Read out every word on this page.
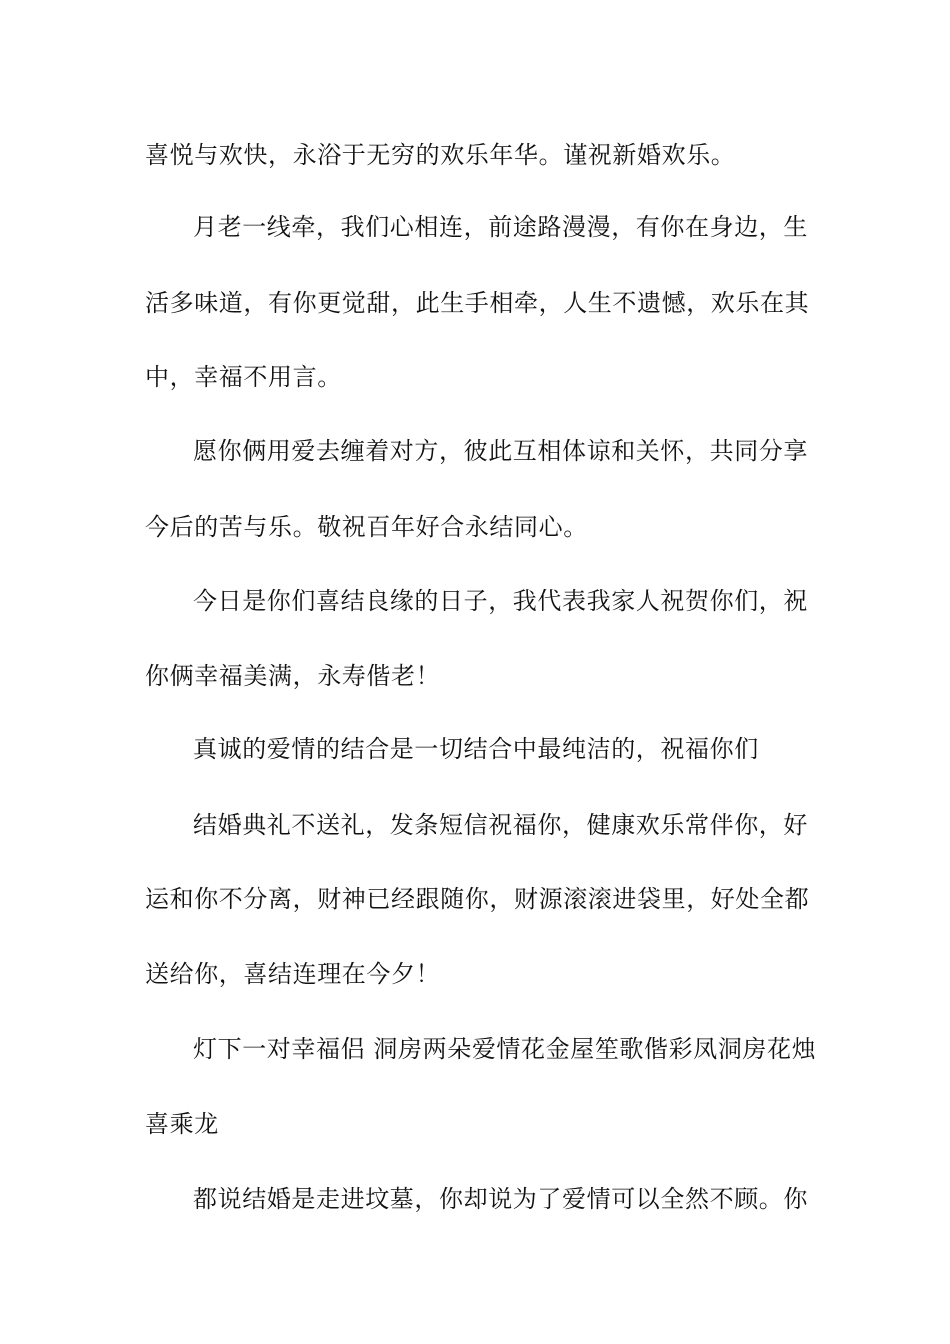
喜悦与欢快，永浴于无穷的欢乐年华。谨祝新婚欢乐。
月老一线牵，我们心相连，前途路漫漫，有你在身边，生
活多味道，有你更觉甜，此生手相牵，人生不遗憾，欢乐在其
中，幸福不用言。
愿你俩用爱去缠着对方，彼此互相体谅和关怀，共同分享
今后的苦与乐。敬祝百年好合永结同心。
今日是你们喜结良缘的日子，我代表我家人祝贺你们，祝
你俩幸福美满，永寿偕老！
真诚的爱情的结合是一切结合中最纯洁的，祝福你们
结婚典礼不送礼，发条短信祝福你，健康欢乐常伴你，好
运和你不分离，财神已经跟随你，财源滚滚进袋里，好处全都
送给你，喜结连理在今夕！
灯下一对幸福侣 洞房两朵爱情花金屋笙歌偕彩凤洞房花烛
喜乘龙
都说结婚是走进坟墓，你却说为了爱情可以全然不顾。你
